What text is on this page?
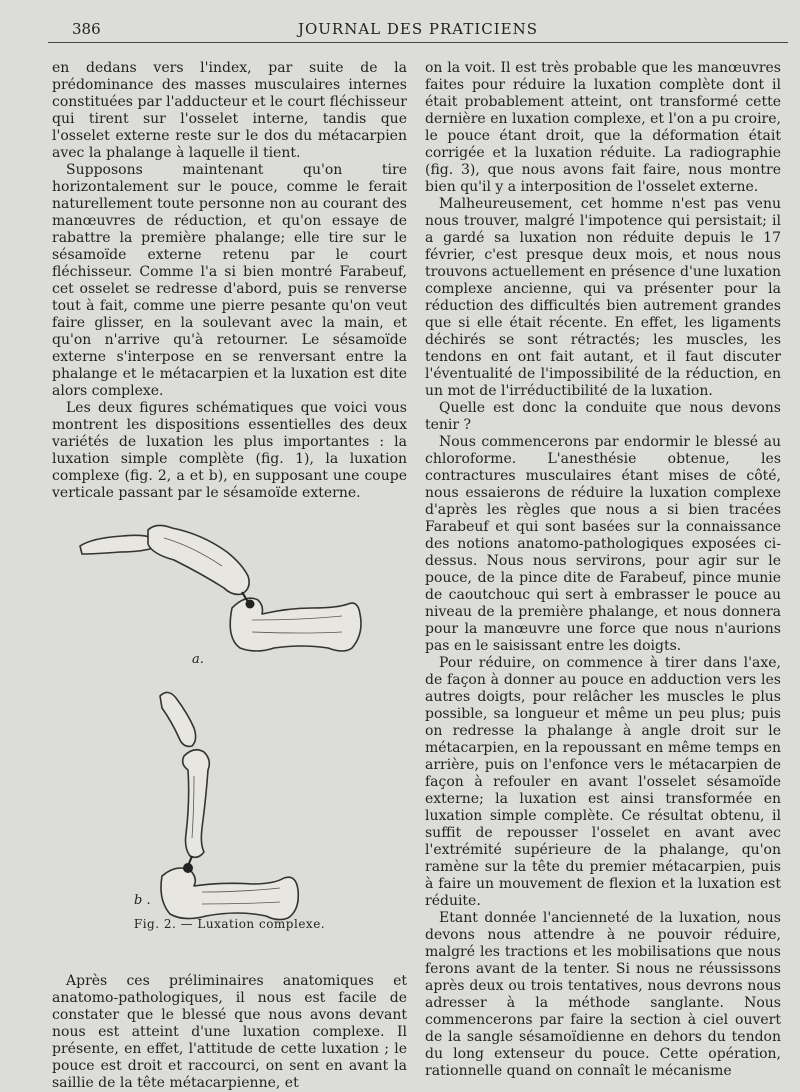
386	JOURNAL DES PRATICIENS

en dedans vers l'index, par suite de la prédominance des masses musculaires internes constituées par l'adducteur et le court fléchisseur qui tirent sur l'osselet interne, tandis que l'osselet externe reste sur le dos du métacarpien avec la phalange à laquelle il tient.

Supposons maintenant qu'on tire horizontalement sur le pouce, comme le ferait naturellement toute personne non au courant des manœuvres de réduction, et qu'on essaye de rabattre la première phalange; elle tire sur le sésamoïde externe retenu par le court fléchisseur. Comme l'a si bien montré Farabeuf, cet osselet se redresse d'abord, puis se renverse tout à fait, comme une pierre pesante qu'on veut faire glisser, en la soulevant avec la main, et qu'on n'arrive qu'à retourner. Le sésamoïde externe s'interpose en se renversant entre la phalange et le métacarpien et la luxation est dite alors complexe.

Les deux figures schématiques que voici vous montrent les dispositions essentielles des deux variétés de luxation les plus importantes : la luxation simple complète (fig. 1), la luxation complexe (fig. 2, a et b), en supposant une coupe verticale passant par le sésamoïde externe.

a.
b .
Fig. 2. — Luxation complexe.

Après ces préliminaires anatomiques et anatomo-pathologiques, il nous est facile de constater que le blessé que nous avons devant nous est atteint d'une luxation complexe. Il présente, en effet, l'attitude de cette luxation ; le pouce est droit et raccourci, on sent en avant la saillie de la tête métacarpienne, et

on la voit. Il est très probable que les manœuvres faites pour réduire la luxation complète dont il était probablement atteint, ont transformé cette dernière en luxation complexe, et l'on a pu croire, le pouce étant droit, que la déformation était corrigée et la luxation réduite. La radiographie (fig. 3), que nous avons fait faire, nous montre bien qu'il y a interposition de l'osselet externe.

Malheureusement, cet homme n'est pas venu nous trouver, malgré l'impotence qui persistait; il a gardé sa luxation non réduite depuis le 17 février, c'est presque deux mois, et nous nous trouvons actuellement en présence d'une luxation complexe ancienne, qui va présenter pour la réduction des difficultés bien autrement grandes que si elle était récente. En effet, les ligaments déchirés se sont rétractés; les muscles, les tendons en ont fait autant, et il faut discuter l'éventualité de l'impossibilité de la réduction, en un mot de l'irréductibilité de la luxation.

Quelle est donc la conduite que nous devons tenir ?

Nous commencerons par endormir le blessé au chloroforme. L'anesthésie obtenue, les contractures musculaires étant mises de côté, nous essaierons de réduire la luxation complexe d'après les règles que nous a si bien tracées Farabeuf et qui sont basées sur la connaissance des notions anatomo-pathologiques exposées ci-dessus. Nous nous servirons, pour agir sur le pouce, de la pince dite de Farabeuf, pince munie de caoutchouc qui sert à embrasser le pouce au niveau de la première phalange, et nous donnera pour la manœuvre une force que nous n'aurions pas en le saisissant entre les doigts.

Pour réduire, on commence à tirer dans l'axe, de façon à donner au pouce en adduction vers les autres doigts, pour relâcher les muscles le plus possible, sa longueur et même un peu plus; puis on redresse la phalange à angle droit sur le métacarpien, en la repoussant en même temps en arrière, puis on l'enfonce vers le métacarpien de façon à refouler en avant l'osselet sésamoïde externe; la luxation est ainsi transformée en luxation simple complète. Ce résultat obtenu, il suffit de repousser l'osselet en avant avec l'extrémité supérieure de la phalange, qu'on ramène sur la tête du premier métacarpien, puis à faire un mouvement de flexion et la luxation est réduite.

Etant donnée l'ancienneté de la luxation, nous devons nous attendre à ne pouvoir réduire, malgré les tractions et les mobilisations que nous ferons avant de la tenter. Si nous ne réussissons après deux ou trois tentatives, nous devrons nous adresser à la méthode sanglante. Nous commencerons par faire la section à ciel ouvert de la sangle sésamoïdienne en dehors du tendon du long extenseur du pouce. Cette opération, rationnelle quand on connaît le mécanisme
